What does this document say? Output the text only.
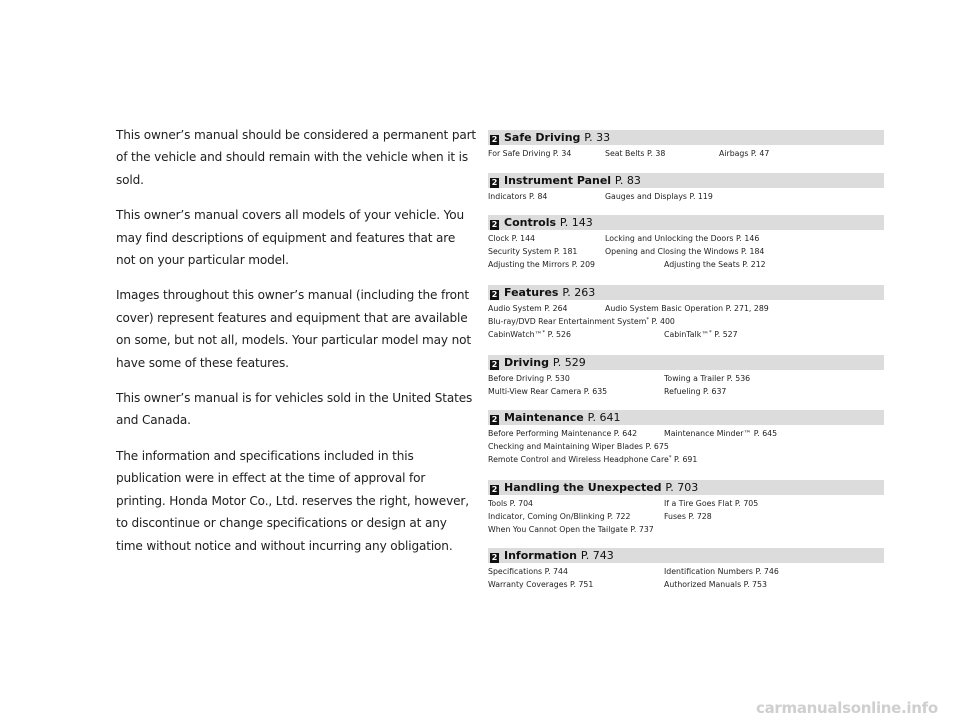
This owner’s manual should be considered a permanent part of the vehicle and should remain with the vehicle when it is sold.

This owner’s manual covers all models of your vehicle. You may find descriptions of equipment and features that are not on your particular model.

Images throughout this owner’s manual (including the front cover) represent features and equipment that are available on some, but not all, models. Your particular model may not have some of these features.

This owner’s manual is for vehicles sold in the United States and Canada.

The information and specifications included in this publication were in effect at the time of approval for printing. Honda Motor Co., Ltd. reserves the right, however, to discontinue or change specifications or design at any time without notice and without incurring any obligation.

2 Safe Driving P. 33
For Safe Driving P. 34	Seat Belts P. 38	Airbags P. 47
2 Instrument Panel P. 83
Indicators P. 84	Gauges and Displays P. 119
2 Controls P. 143
Clock P. 144	Locking and Unlocking the Doors P. 146
Security System P. 181	Opening and Closing the Windows P. 184
Adjusting the Mirrors P. 209	Adjusting the Seats P. 212
2 Features P. 263
Audio System P. 264	Audio System Basic Operation P. 271, 289
Blu-ray/DVD Rear Entertainment System* P. 400
CabinWatch™* P. 526	CabinTalk™* P. 527
2 Driving P. 529
Before Driving P. 530	Towing a Trailer P. 536
Multi-View Rear Camera P. 635	Refueling P. 637
2 Maintenance P. 641
Before Performing Maintenance P. 642	Maintenance Minder™ P. 645
Checking and Maintaining Wiper Blades P. 675
Remote Control and Wireless Headphone Care* P. 691
2 Handling the Unexpected P. 703
Tools P. 704	If a Tire Goes Flat P. 705
Indicator, Coming On/Blinking P. 722	Fuses P. 728
When You Cannot Open the Tailgate P. 737
2 Information P. 743
Specifications P. 744	Identification Numbers P. 746
Warranty Coverages P. 751	Authorized Manuals P. 753
carmanualsonline.info
